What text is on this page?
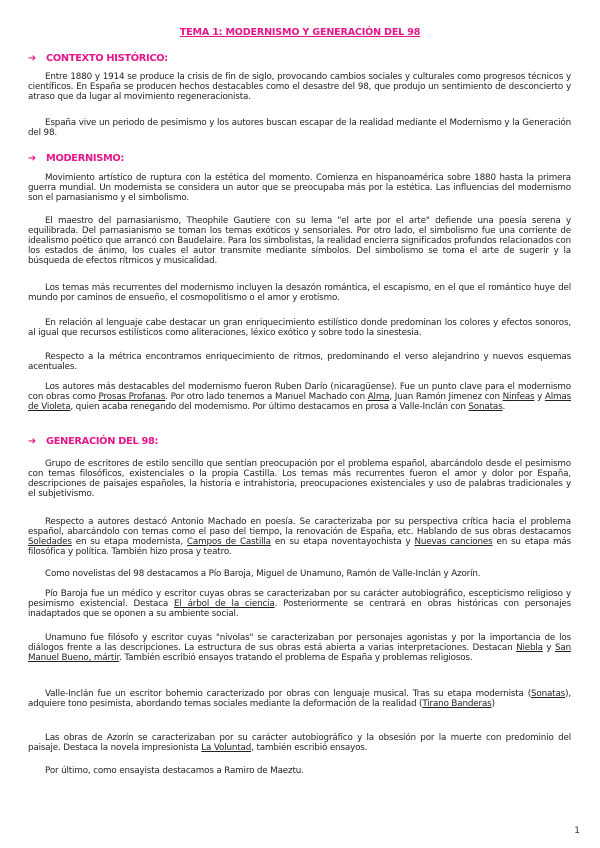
TEMA 1: MODERNISMO Y GENERACIÓN DEL 98
➔ CONTEXTO HISTÓRICO:

Entre 1880 y 1914 se produce la crisis de fin de siglo, provocando cambios sociales y culturales como progresos técnicos y científicos. En España se producen hechos destacables como el desastre del 98, que produjo un sentimiento de desconcierto y atraso que da lugar al movimiento regeneracionista.

España vive un periodo de pesimismo y los autores buscan escapar de la realidad mediante el Modernismo y la Generación del 98.

➔ MODERNISMO:

Movimiento artístico de ruptura con la estética del momento. Comienza en hispanoamérica sobre 1880 hasta la primera guerra mundial. Un modernista se considera un autor que se preocupaba más por la estética. Las influencias del modernismo son el parnasianismo y el simbolismo.

El maestro del parnasianismo, Theophile Gautiere con su lema "el arte por el arte" defiende una poesía serena y equilibrada. Del parnasianismo se toman los temas exóticos y sensoriales. Por otro lado, el simbolismo fue una corriente de idealismo poético que arrancó con Baudelaire. Para los simbolistas, la realidad encierra significados profundos relacionados con los estados de ánimo, los cuales el autor transmite mediante símbolos. Del simbolismo se toma el arte de sugerir y la búsqueda de efectos rítmicos y musicalidad.

Los temas más recurrentes del modernismo incluyen la desazón romántica, el escapismo, en el que el romántico huye del mundo por caminos de ensueño, el cosmopolitismo o el amor y erotismo.

En relación al lenguaje cabe destacar un gran enriquecimiento estilístico donde predominan los colores y efectos sonoros, al igual que recursos estilísticos como aliteraciones, léxico exótico y sobre todo la sinestesia.

Respecto a la métrica encontramos enriquecimiento de ritmos, predominando el verso alejandrino y nuevos esquemas acentuales.

Los autores más destacables del modernismo fueron Ruben Darío (nicaragüense). Fue un punto clave para el modernismo con obras como Prosas Profanas. Por otro lado tenemos a Manuel Machado con Alma, Juan Ramón Jimenez con Ninfeas y Almas de Violeta, quien acaba renegando del modernismo. Por último destacamos en prosa a Valle-Inclán con Sonatas.

➔ GENERACIÓN DEL 98:

Grupo de escritores de estilo sencillo que sentían preocupación por el problema español, abarcándolo desde el pesimismo con temas filosóficos, existenciales o la propia Castilla. Los temas más recurrentes fueron el amor y dolor por España, descripciones de paisajes españoles, la historia e intrahistoria, preocupaciones existenciales y uso de palabras tradicionales y el subjetivismo.

Respecto a autores destacó Antonio Machado en poesía. Se caracterizaba por su perspectiva crítica hacia el problema español, abarcándolo con temas como el paso del tiempo, la renovación de España, etc. Hablando de sus obras destacamos Soledades en su etapa modernista, Campos de Castilla en su etapa noventayochista y Nuevas canciones en su etapa más filosófica y política. También hizo prosa y teatro.

Como novelistas del 98 destacamos a Pío Baroja, Miguel de Unamuno, Ramón de Valle-Inclán y Azorín.

Pío Baroja fue un médico y escritor cuyas obras se caracterizaban por su carácter autobiográfico, escepticismo religioso y pesimismo existencial. Destaca El árbol de la ciencia. Posteriormente se centrará en obras históricas con personajes inadaptados que se oponen a su ambiente social.

Unamuno fue filósofo y escritor cuyas "nivolas" se caracterizaban por personajes agonistas y por la importancia de los diálogos frente a las descripciones. La estructura de sus obras está abierta a varias interpretaciones. Destacan Niebla y San Manuel Bueno, mártir. También escribió ensayos tratando el problema de España y problemas religiosos.

Valle-Inclán fue un escritor bohemio caracterizado por obras con lenguaje musical. Tras su etapa modernista (Sonatas), adquiere tono pesimista, abordando temas sociales mediante la deformación de la realidad (Tirano Banderas)

Las obras de Azorín se caracterizaban por su carácter autobiográfico y la obsesión por la muerte con predominio del paisaje. Destaca la novela impresionista La Voluntad, también escribió ensayos.

Por último, como ensayista destacamos a Ramiro de Maeztu.

1
